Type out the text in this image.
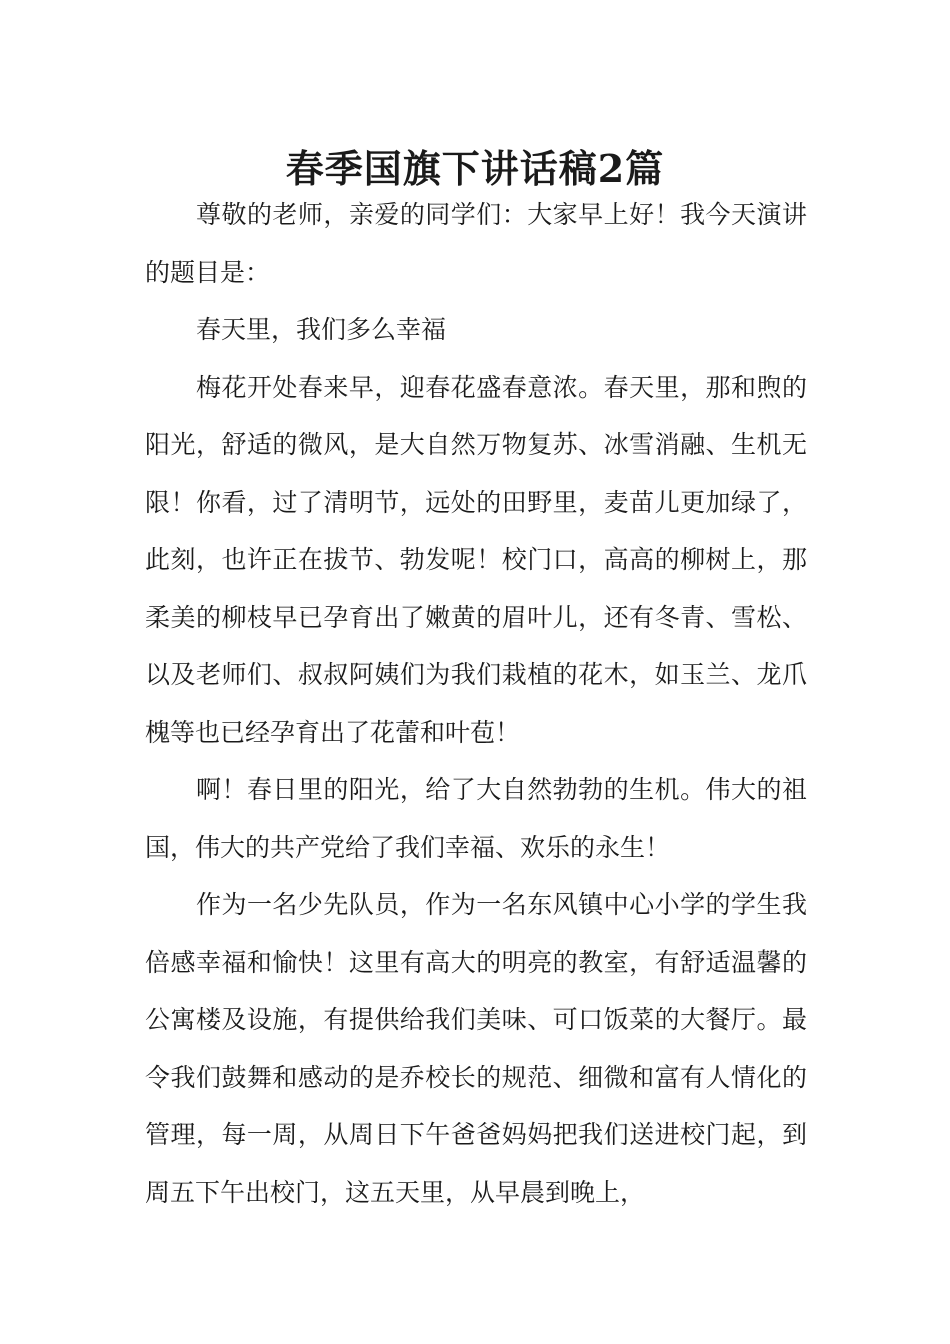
春季国旗下讲话稿2篇

尊敬的老师，亲爱的同学们：大家早上好！我今天演讲的题目是：

春天里，我们多么幸福

梅花开处春来早，迎春花盛春意浓。春天里，那和煦的阳光，舒适的微风，是大自然万物复苏、冰雪消融、生机无限！你看，过了清明节，远处的田野里，麦苗儿更加绿了，此刻，也许正在拔节、勃发呢！校门口，高高的柳树上，那柔美的柳枝早已孕育出了嫩黄的眉叶儿，还有冬青、雪松、以及老师们、叔叔阿姨们为我们栽植的花木，如玉兰、龙爪槐等也已经孕育出了花蕾和叶苞！

啊！春日里的阳光，给了大自然勃勃的生机。伟大的祖国，伟大的共产党给了我们幸福、欢乐的永生！

作为一名少先队员，作为一名东风镇中心小学的学生我倍感幸福和愉快！这里有高大的明亮的教室，有舒适温馨的公寓楼及设施，有提供给我们美味、可口饭菜的大餐厅。最令我们鼓舞和感动的是乔校长的规范、细微和富有人情化的管理，每一周，从周日下午爸爸妈妈把我们送进校门起，到周五下午出校门，这五天里，从早晨到晚上，
